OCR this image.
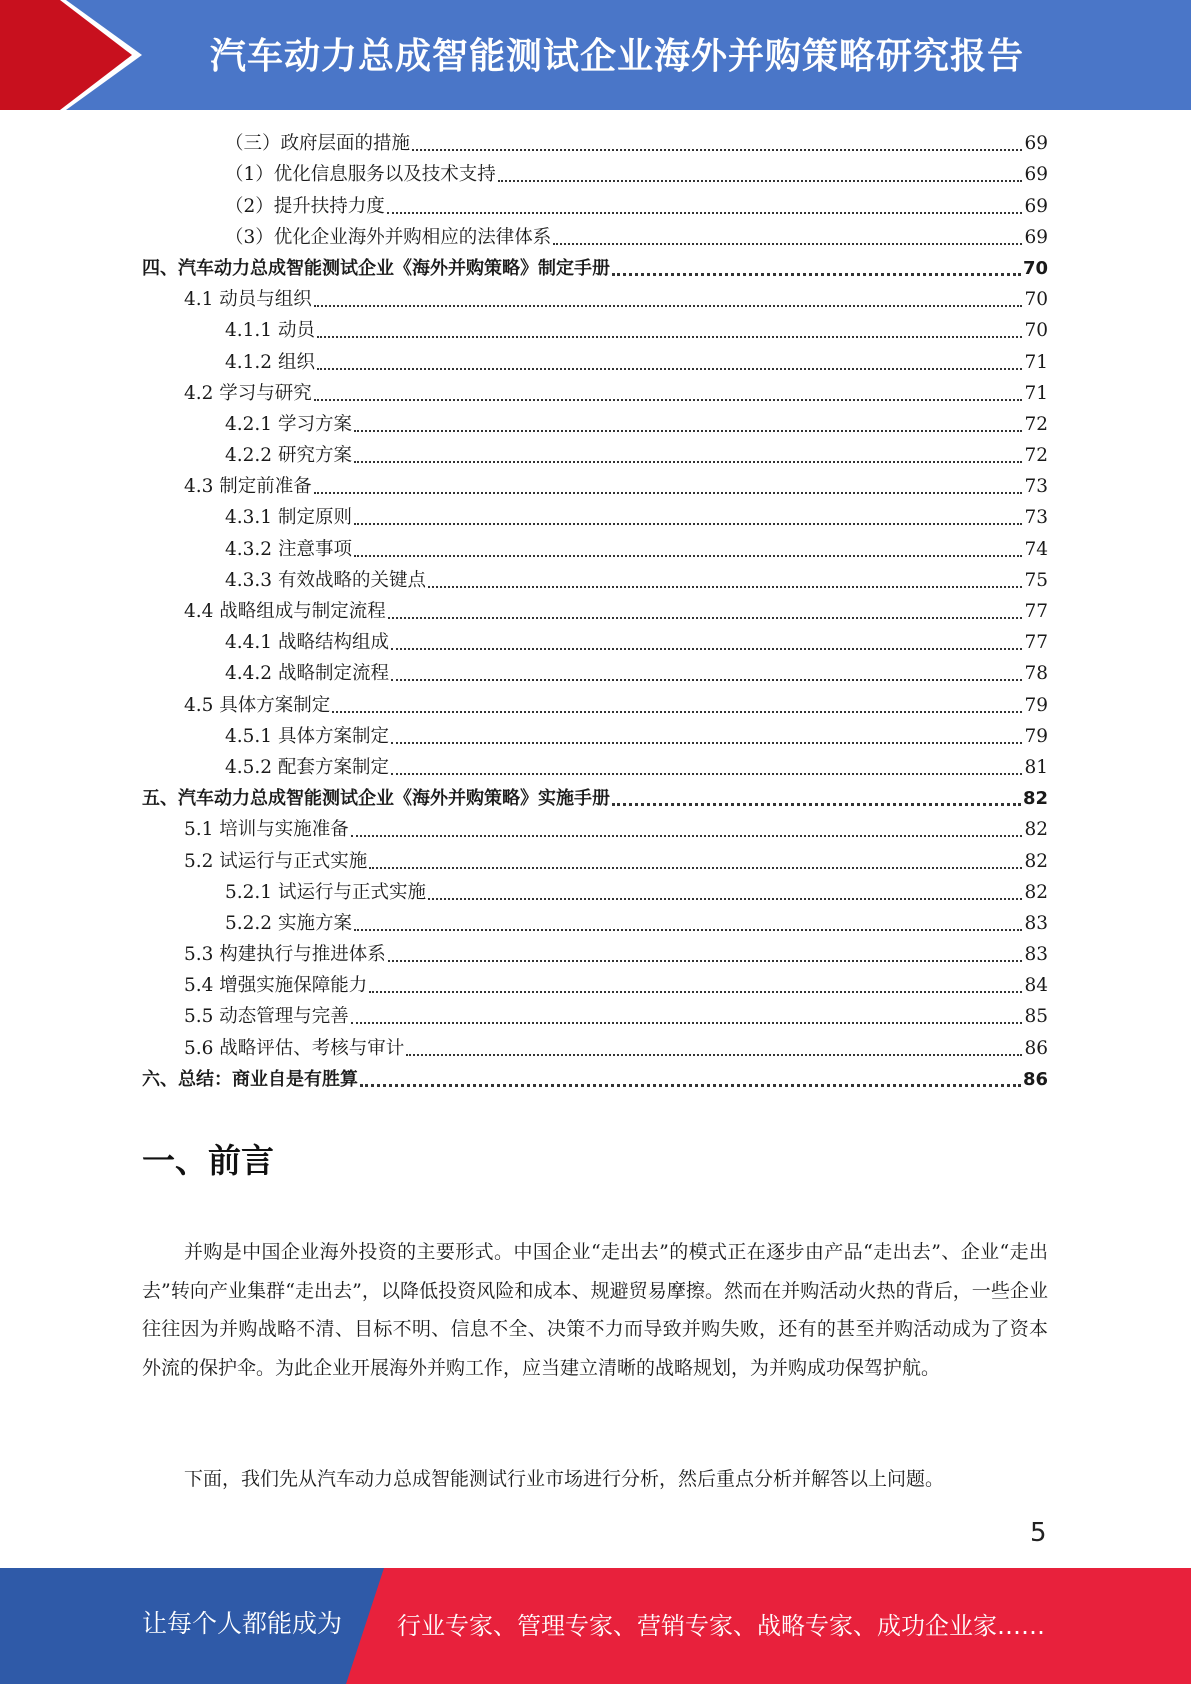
汽车动力总成智能测试企业海外并购策略研究报告
（三）政府层面的措施	69
（1）优化信息服务以及技术支持	69
（2）提升扶持力度	69
（3）优化企业海外并购相应的法律体系	69
四、汽车动力总成智能测试企业《海外并购策略》制定手册	70
4.1 动员与组织	70
4.1.1 动员	70
4.1.2 组织	71
4.2 学习与研究	71
4.2.1 学习方案	72
4.2.2 研究方案	72
4.3 制定前准备	73
4.3.1 制定原则	73
4.3.2 注意事项	74
4.3.3 有效战略的关键点	75
4.4 战略组成与制定流程	77
4.4.1 战略结构组成	77
4.4.2 战略制定流程	78
4.5 具体方案制定	79
4.5.1 具体方案制定	79
4.5.2 配套方案制定	81
五、汽车动力总成智能测试企业《海外并购策略》实施手册	82
5.1 培训与实施准备	82
5.2 试运行与正式实施	82
5.2.1 试运行与正式实施	82
5.2.2 实施方案	83
5.3 构建执行与推进体系	83
5.4 增强实施保障能力	84
5.5 动态管理与完善	85
5.6 战略评估、考核与审计	86
六、总结：商业自是有胜算	86
一、前言
并购是中国企业海外投资的主要形式。中国企业“走出去”的模式正在逐步由产品“走出去”、企业“走出去”转向产业集群“走出去”，以降低投资风险和成本、规避贸易摩擦。然而在并购活动火热的背后，一些企业往往因为并购战略不清、目标不明、信息不全、决策不力而导致并购失败，还有的甚至并购活动成为了资本外流的保护伞。为此企业开展海外并购工作，应当建立清晰的战略规划，为并购成功保驾护航。
下面，我们先从汽车动力总成智能测试行业市场进行分析，然后重点分析并解答以上问题。
5
让每个人都能成为 行业专家、管理专家、营销专家、战略专家、成功企业家……
